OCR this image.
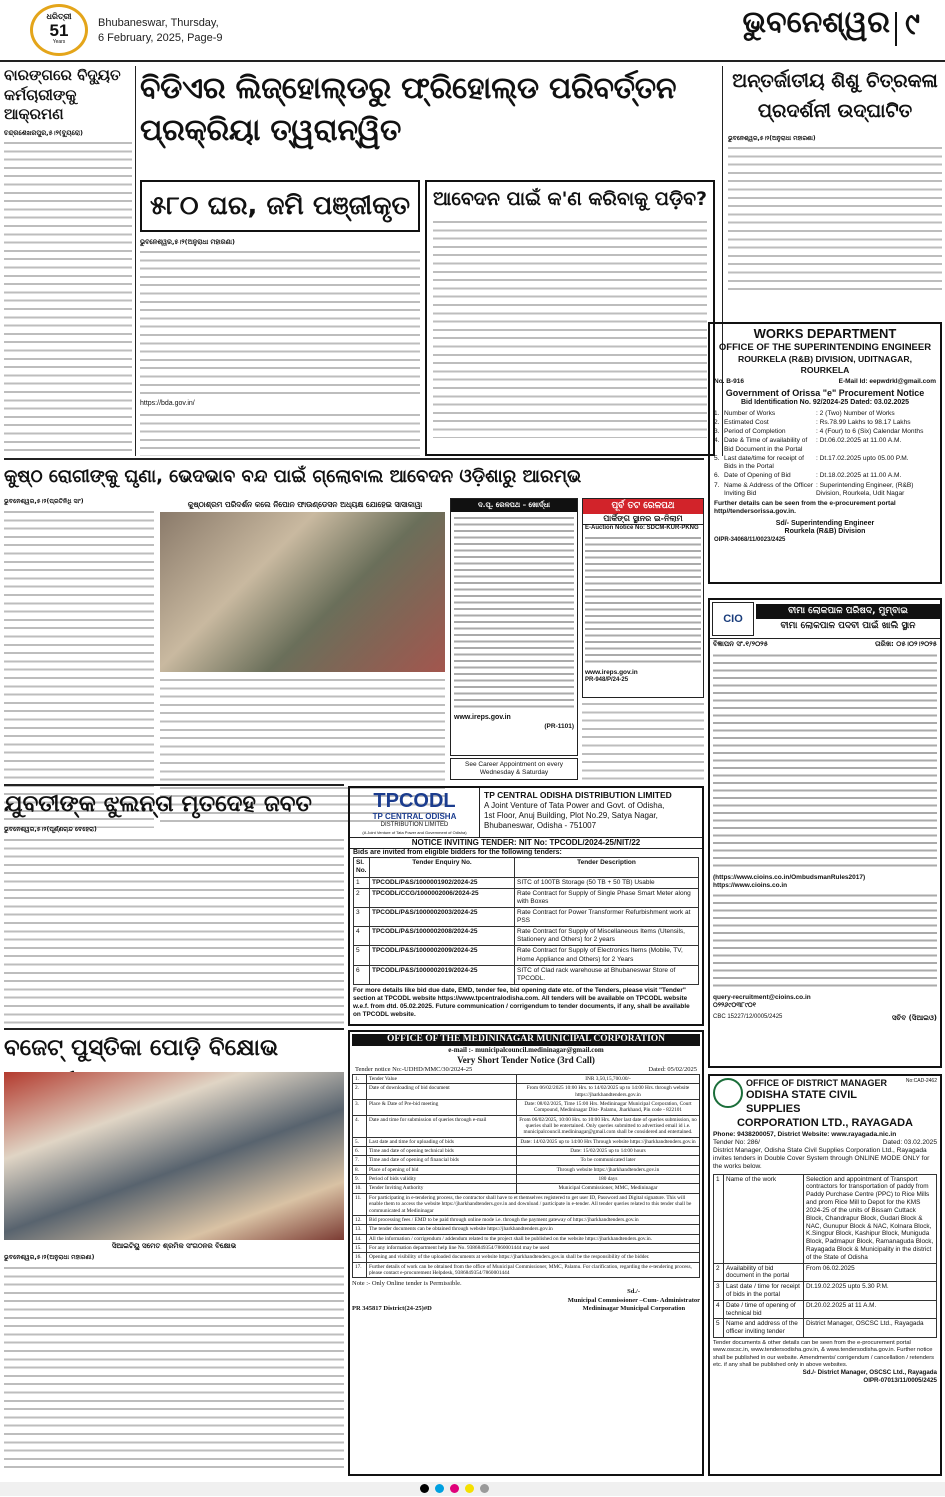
ଧରିତ୍ରୀ
51
Years
Bhubaneswar, Thursday,
6 February, 2025, Page-9	ଭୁବନେଶ୍ୱର ୯
ବାରଙ୍ଗରେ ବିଦ୍ୟୁତ
କର୍ମଚାରୀଙ୍କୁ ଆକ୍ରମଣ
ଚନ୍ଦ୍ରଶେଖରପୁର,୫।୨(ବ୍ୟୁରୋ)
ବିଡିଏର ଲିଜ୍‌ହୋଲ୍‌ଡରୁ ଫ୍ରିହୋଲ୍‌ଡ ପରିବର୍ତ୍ତନ ପ୍ରକ୍ରିୟା ତ୍ୱରାନ୍ୱିତ
୫୮୦ ଘର, ଜମି ପଞ୍ଜୀକୃତ
ଭୁବନେଶ୍ୱର,୫।୨(ଅନୁରାଧା ମହାରଣା)
https://bda.gov.in/
ଆବେଦନ ପାଇଁ କ'ଣ କରିବାକୁ ପଡ଼ିବ?
ଅନ୍ତର୍ଜାତୀୟ ଶିଶୁ ଚିତ୍ରକଳା
ପ୍ରଦର୍ଶନୀ ଉଦ୍‌ଘାଟିତ
ଭୁବନେଶ୍ୱର,୫।୨(ଅନୁରାଧା ମହାରଣା)
WORKS DEPARTMENT
OFFICE OF THE SUPERINTENDING ENGINEER
ROURKELA (R&B) DIVISION, UDITNAGAR, ROURKELA
No. B-916	E-Mail Id: eepwdrkl@gmail.com
Government of Orissa "e" Procurement Notice
Bid Identification No. 92/2024-25 Dated: 03.02.2025
1. Number of Works	: 2 (Two) Number of Works
2. Estimated Cost	: Rs.78.99 Lakhs to 98.17 Lakhs
3. Period of Completion	: 4 (Four) to 6 (Six) Calendar Months
4. Date & Time of availability of Bid Document in the Portal
: Dt.06.02.2025 at 11.00 A.M.
5. Last date/time for receipt of Bids in the Portal
: Dt.17.02.2025 upto 05.00 P.M.
6. Date of Opening of Bid	: Dt.18.02.2025 at 11.00 A.M.
7. Name & Address of the Officer Inviting Bid
: Superintending Engineer, (R&B) Division, Rourkela, Udit Nagar
Further details can be seen from the e-procurement portal http//tendersorissa.gov.in.
Sd/- Superintending Engineer
Rourkela (R&B) Division
OIPR-34068/11/0023/2425
କୁଷ୍ଠ ରୋଗୀଙ୍କୁ ଘୃଣା, ଭେଦଭାବ ବନ୍ଦ ପାଇଁ ଗ୍ଲୋବାଲ ଆବେଦନ ଓଡ଼ିଶାରୁ ଆରମ୍ଭ
ଭୁବନେଶ୍ୱର,୫।୨(ପ୍ରତିନିଧି ସାଂ)	କୁଷ୍ଠାଶ୍ରମ ପରିଦର୍ଶନ କଲେ ନିପୋନ ଫାଉଣ୍ଡେସନ ଅଧ୍ୟକ୍ଷ ଯୋହେଇ ସାସାକାୱା	ଦ.ପୂ. ରେଳପଥ – ଖୋର୍ଦ୍ଧା
www.ireps.gov.in
(PR-1101)
See Career Appointment on every Wednesday & Saturday
ପୂର୍ବ ତଟ ରେଳପଥ
ପାର୍କିଙ୍ଗ ସ୍ଥାନର ଇ-ନିଲାମ
E-Auction Notice No: SDCM-KUR-PKNG
www.ireps.gov.in
PR-948/P/24-25
CIO
ବୀମା ଲୋକପାଳ ପରିଷଦ, ମୁମ୍ବାଇ
ବୀମା ଲୋକପାଳ ପଦବୀ ପାଇଁ ଖାଲି ସ୍ଥାନ
ବିଜ୍ଞାପନ ସଂ.୧/୨୦୨୫	ତାରିଖ: ୦୫।୦୨।୨୦୨୫
(https://www.cioins.co.in/OmbudsmanRules2017)
https://www.cioins.co.in
query-recruitment@cioins.co.in
୦୨୨୬୯୦୩୮୯୦୧
CBC 15227/12/0005/2425	ସଚିବ (ସିଆଇଓ)
ଯୁବତୀଙ୍କ ଝୁଲନ୍ତା ମୃତଦେହ ଜବତ
ଭୁବନେଶ୍ୱର,୫।୨(ପୂର୍ଣ୍ଣଚାନ୍ଦ ବେହେରା)
TPCODL
TP CENTRAL ODISHA
DISTRIBUTION LIMITED
(A Joint Venture of Tata Power and Government of Odisha)
TP CENTRAL ODISHA DISTRIBUTION LIMITED
A Joint Venture of Tata Power and Govt. of Odisha,
1st Floor, Anuj Building, Plot No.29, Satya Nagar,
Bhubaneswar, Odisha - 751007
NOTICE INVITING TENDER: NIT No: TPCODL/2024-25/NIT/22
Bids are invited from eligible bidders for the following tenders:
Sl. No.	Tender Enquiry No.	Tender Description
1	TPCODL/P&S/1000001902/2024-25	SITC of 100TB Storage (50 TB + 50 TB) Usable
2	TPCODL/CCG/1000002006/2024-25	Rate Contract for Supply of Single Phase Smart Meter along with Boxes
3	TPCODL/P&S/1000002003/2024-25	Rate Contract for Power Transformer Refurbishment work at PSS
4	TPCODL/P&S/1000002008/2024-25	Rate Contract for Supply of Miscellaneous Items (Utensils, Stationery and Others) for 2 years
5	TPCODL/P&S/1000002009/2024-25	Rate Contract for Supply of Electronics Items (Mobile, TV, Home Appliance and Others) for 2 Years
6	TPCODL/P&S/1000002019/2024-25	SITC of Clad rack warehouse at Bhubaneswar Store of TPCODL.
For more details like bid due date, EMD, tender fee, bid opening date etc. of the Tenders, please visit "Tender" section at TPCODL website https://www.tpcentralodisha.com. All tenders will be available on TPCODL website w.e.f. from dtd. 05.02.2025. Future communication / corrigendum to tender documents, if any, shall be available on TPCODL website.
ବଜେଟ୍ ପୁସ୍ତିକା ପୋଡ଼ି ବିକ୍ଷୋଭ
ସିଆଇଟିୟୁ ସମେତ ଶ୍ରମିକ ସଂଗଠନର ବିକ୍ଷୋଭ
ଭୁବନେଶ୍ୱର,୫।୨(ଅନୁରାଧା ମହାରଣା)
OFFICE OF THE MEDININAGAR MUNICIPAL CORPORATION
e-mail :- municipalcouncil.medininagar@gmail.com
Very Short Tender Notice (3rd Call)
Tender notice No:-UDHD/MMC/30/2024-25	Dated: 05/02/2025
1.	Tender Value	INR 3,50,15,700.00/-
2.	Date of downloading of bid document	From 06/02/2025 10:00 Hrs. to 14/02/2025 up to 14:00 Hrs. through website https://jharkhandtenders.gov.in
3.	Place & Date of Pre-bid meeting	Date: 08/02/2025, Time 15:00 Hrs. Medininagar Municipal Corporation, Court Compound, Medininagar Dist- Palamu, Jharkhand, Pin code - 822101
4.	Date and time for submission of queries through e-mail	From 06/02/2025, 10:00 Hrs. to 10:00 Hrs. After last date of queries submission, no queries shall be entertained. Only queries submitted to advertised email id i.e. municipalcouncil.medininagar@gmail.com shall be considered and entertained.
5.	Last date and time for uploading of bids	Date: 14/02/2025 up to 14:00 Hrs Through website https://jharkhandtenders.gov.in
6.	Time and date of opening technical bids	Date: 15/02/2025 up to 14:00 hours
7.	Time and date of opening of financial bids	To be communicated later
8.	Place of opening of bid	Through website https://jharkhandtenders.gov.in
9.	Period of bids validity	180 days
10.	Tender Inviting Authority	Municipal Commissioner, MMC, Medininagar
11.	For participating in e-tendering process, the contractor shall have to et themselves registered to get user ID, Password and Digital signature. This will enable them to access the website https://jharkhandtenders.gov.in and download / participate in e-tender. All tender queries related to this tender shall be communicated at Medininagar	
12.	Bid processing fees / EMD to be paid through online mode i.e. through the payment gateway of https://jharkhandtenders.gov.in	
13.	The tender documents can be obtained through website https://jharkhandtenders.gov.in	
14.	All the information / corrigendum / addendum related to the project shall be published on the website https://jharkhandtenders.gov.in.	
15.	For any information department help line No. 9386849354/7860001444 may be used	
16.	Opening and visibility of the uploaded documents at website https://jharkhandtenders.gov.in shall be the responsibility of the bidder.	
17.	Further details of work can be obtained from the office of Municipal Commissioner, MMC, Palamu. For clarification, regarding the e-tendering process, please contact e-procurement Helpdesk, 9386849354/7860001444	
Note :- Only Online tender is Permissible.
Sd./-
PR 345817 District(24-25)#D
Municipal Commissioner –Cum- Administrator
Medininagar Municipal Corporation
OFFICE OF DISTRICT MANAGER
ODISHA STATE CIVIL SUPPLIES
No:CAD-2462
CORPORATION LTD., RAYAGADA
Phone: 9438200057, District Website: www.rayagada.nic.in
Tender No: 286/	Dated: 03.02.2025
District Manager, Odisha State Civil Supplies Corporation Ltd., Rayagada invites tenders in Double Cover System through ONLINE MODE ONLY for the works below.
1	Name of the work	Selection and appointment of Transport contractors for transportation of paddy from Paddy Purchase Centre (PPC) to Rice Mills and prom Rice Mill to Depot for the KMS 2024-25 of the units of Bissam Cuttack Block, Chandrapur Block, Gudari Block & NAC, Gunupur Block & NAC, Kolnara Block, K.Singpur Block, Kashipur Block, Muniguda Block, Padmapur Block, Ramanaguda Block, Rayagada Block & Municipality in the district of the State of Odisha
2	Availability of bid document in the portal	From 06.02.2025
3	Last date / time for receipt of bids in the portal	Dt.19.02.2025 upto 5.30 P.M.
4	Date / time of opening of technical bid	Dt.20.02.2025 at 11 A.M.
5	Name and address of the officer inviting tender	District Manager, OSCSC Ltd., Rayagada
Tender documents & other details can be seen from the e-procurement portal www.oscsc.in, www.tendersodisha.gov.in, & www.tendersodisha.gov.in. Further notice shall be published in our website. Amendments/ corrigendum / cancellation / retenders etc. if any shall be published only in above websites.
Sd./- District Manager, OSCSC Ltd., Rayagada
OIPR-07013/11/0005/2425
